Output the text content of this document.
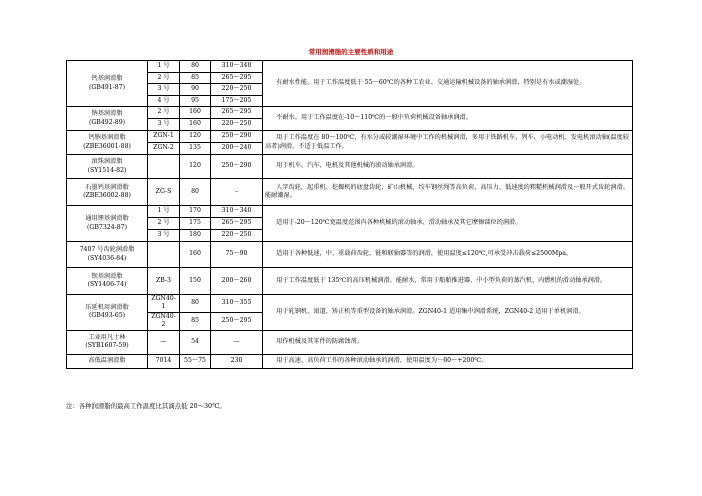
常用润滑脂的主要性质和用途
钙基润滑脂
(GB491-87)	1 号	80	310～340	有耐水性能。用于工作温度低于 55～60℃的各种工农业、交通运输机械设备的轴承润滑，特别是有水或潮湿处。
	2 号	85	265～295	
	3 号	90	220～250	
	4 号	95	175～205	

钠基润滑脂
(GB492-89)	2 号	160	265～295	不耐水。用于工作温度在-10～110℃的一般中负荷机械设备轴承润滑。
	3 号	160	220～250	

钙钠基润滑脂
(ZBE36001-88)	ZGN-1	120	250～290	用于工作温度在 80～100℃、有水分或较潮湿环境中工作的机械润滑，多用于铁路机车、列车、小电动机、发电机滚动轴(温度较高者)润滑。不适于低温工作。
	ZGN-2	135	200～240	

滚珠润滑脂
(SY1514-82)		120	250～290	用于机车、汽车、电机及其他机械的滚动轴承润滑。

石墨钙基润滑脂
(ZBE36002-88)	ZG-S	80	–	人字齿轮，起重机、挖掘机的底盘齿轮，矿山机械、绞车钢丝绳等高负荷、高压力、低速度的粗糙机械润滑及一般开式齿轮润滑。能耐潮湿。

通用锂基润滑脂
(GB7324-87)	1 号	170	310～340	适用于-20～120℃宽温度范围内各种机械的滚动轴承、滑动轴承及其它摩擦部位的润滑。
	2 号	175	265～295	
	3 号	180	220～250	

7407 号齿轮润滑脂
(SY4036-84)		160	75～90	适用于各种低速，中、重载荷齿轮、链和联轴器等的润滑，使用温度≤120℃,可承受冲击载荷≤2500Mpa。

钡基润滑脂
(SY1406-74)	ZB-3	150	200～260	用于工作温度低于 135℃的高压机械润滑。能耐水，常用于船舶推进器、中小型负荷的蒸汽机、内燃机的滑动轴承润滑。

压延机用润滑脂
(GB493-65)	ZGN40-1	80	310～355	用于轧钢机、滚道、矫正机等重型设备的轴承润滑。ZGN40-1 适用集中润滑系统，ZGN40-2 适用于单机润滑。
	ZGN40-2	85	250～295	

工业用凡士林
(SYB1607-59)	—	54	—	用作机械及其零件的防腐蚀剂。
高低温润滑脂	7014	55～75	230	用于高速、高负荷工作的各种滚动轴承的润滑，使用温度为－60～+200℃。
注：各种润滑脂的最高工作温度比其滴点低 20～30℃。
